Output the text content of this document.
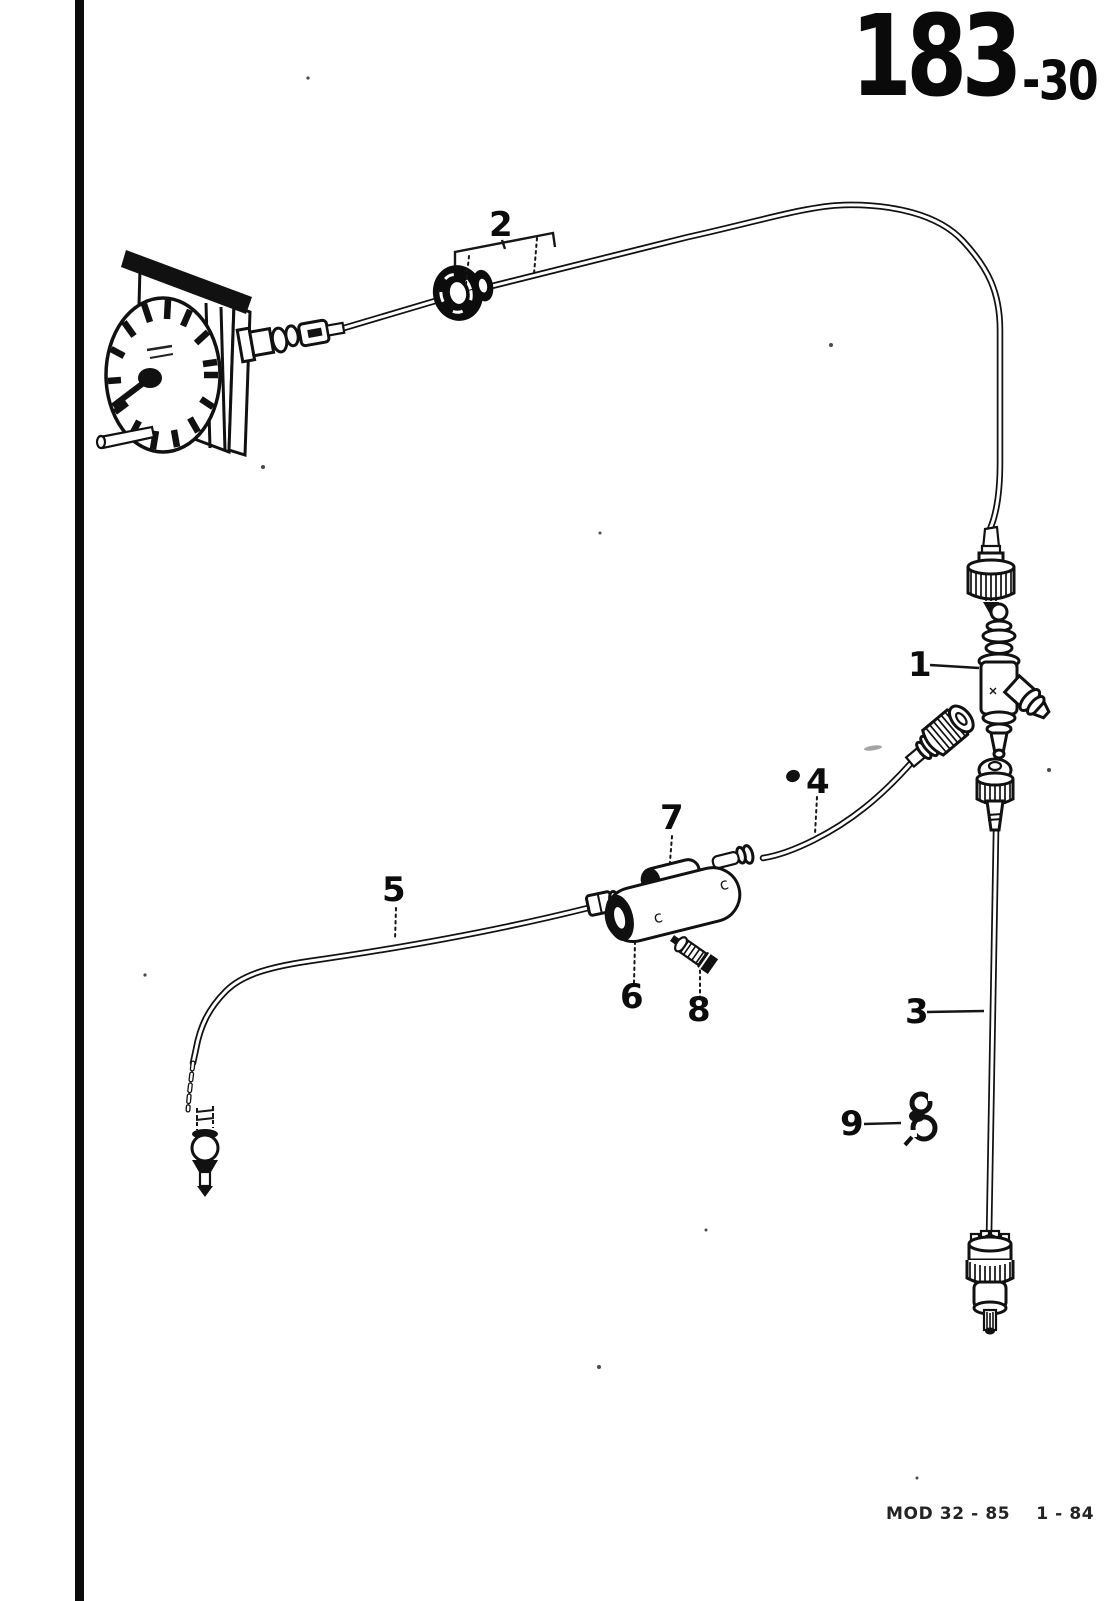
183 -30
c
c
1
2
3
4
5
6
7
8
9
MOD 32 - 85 1 - 84
